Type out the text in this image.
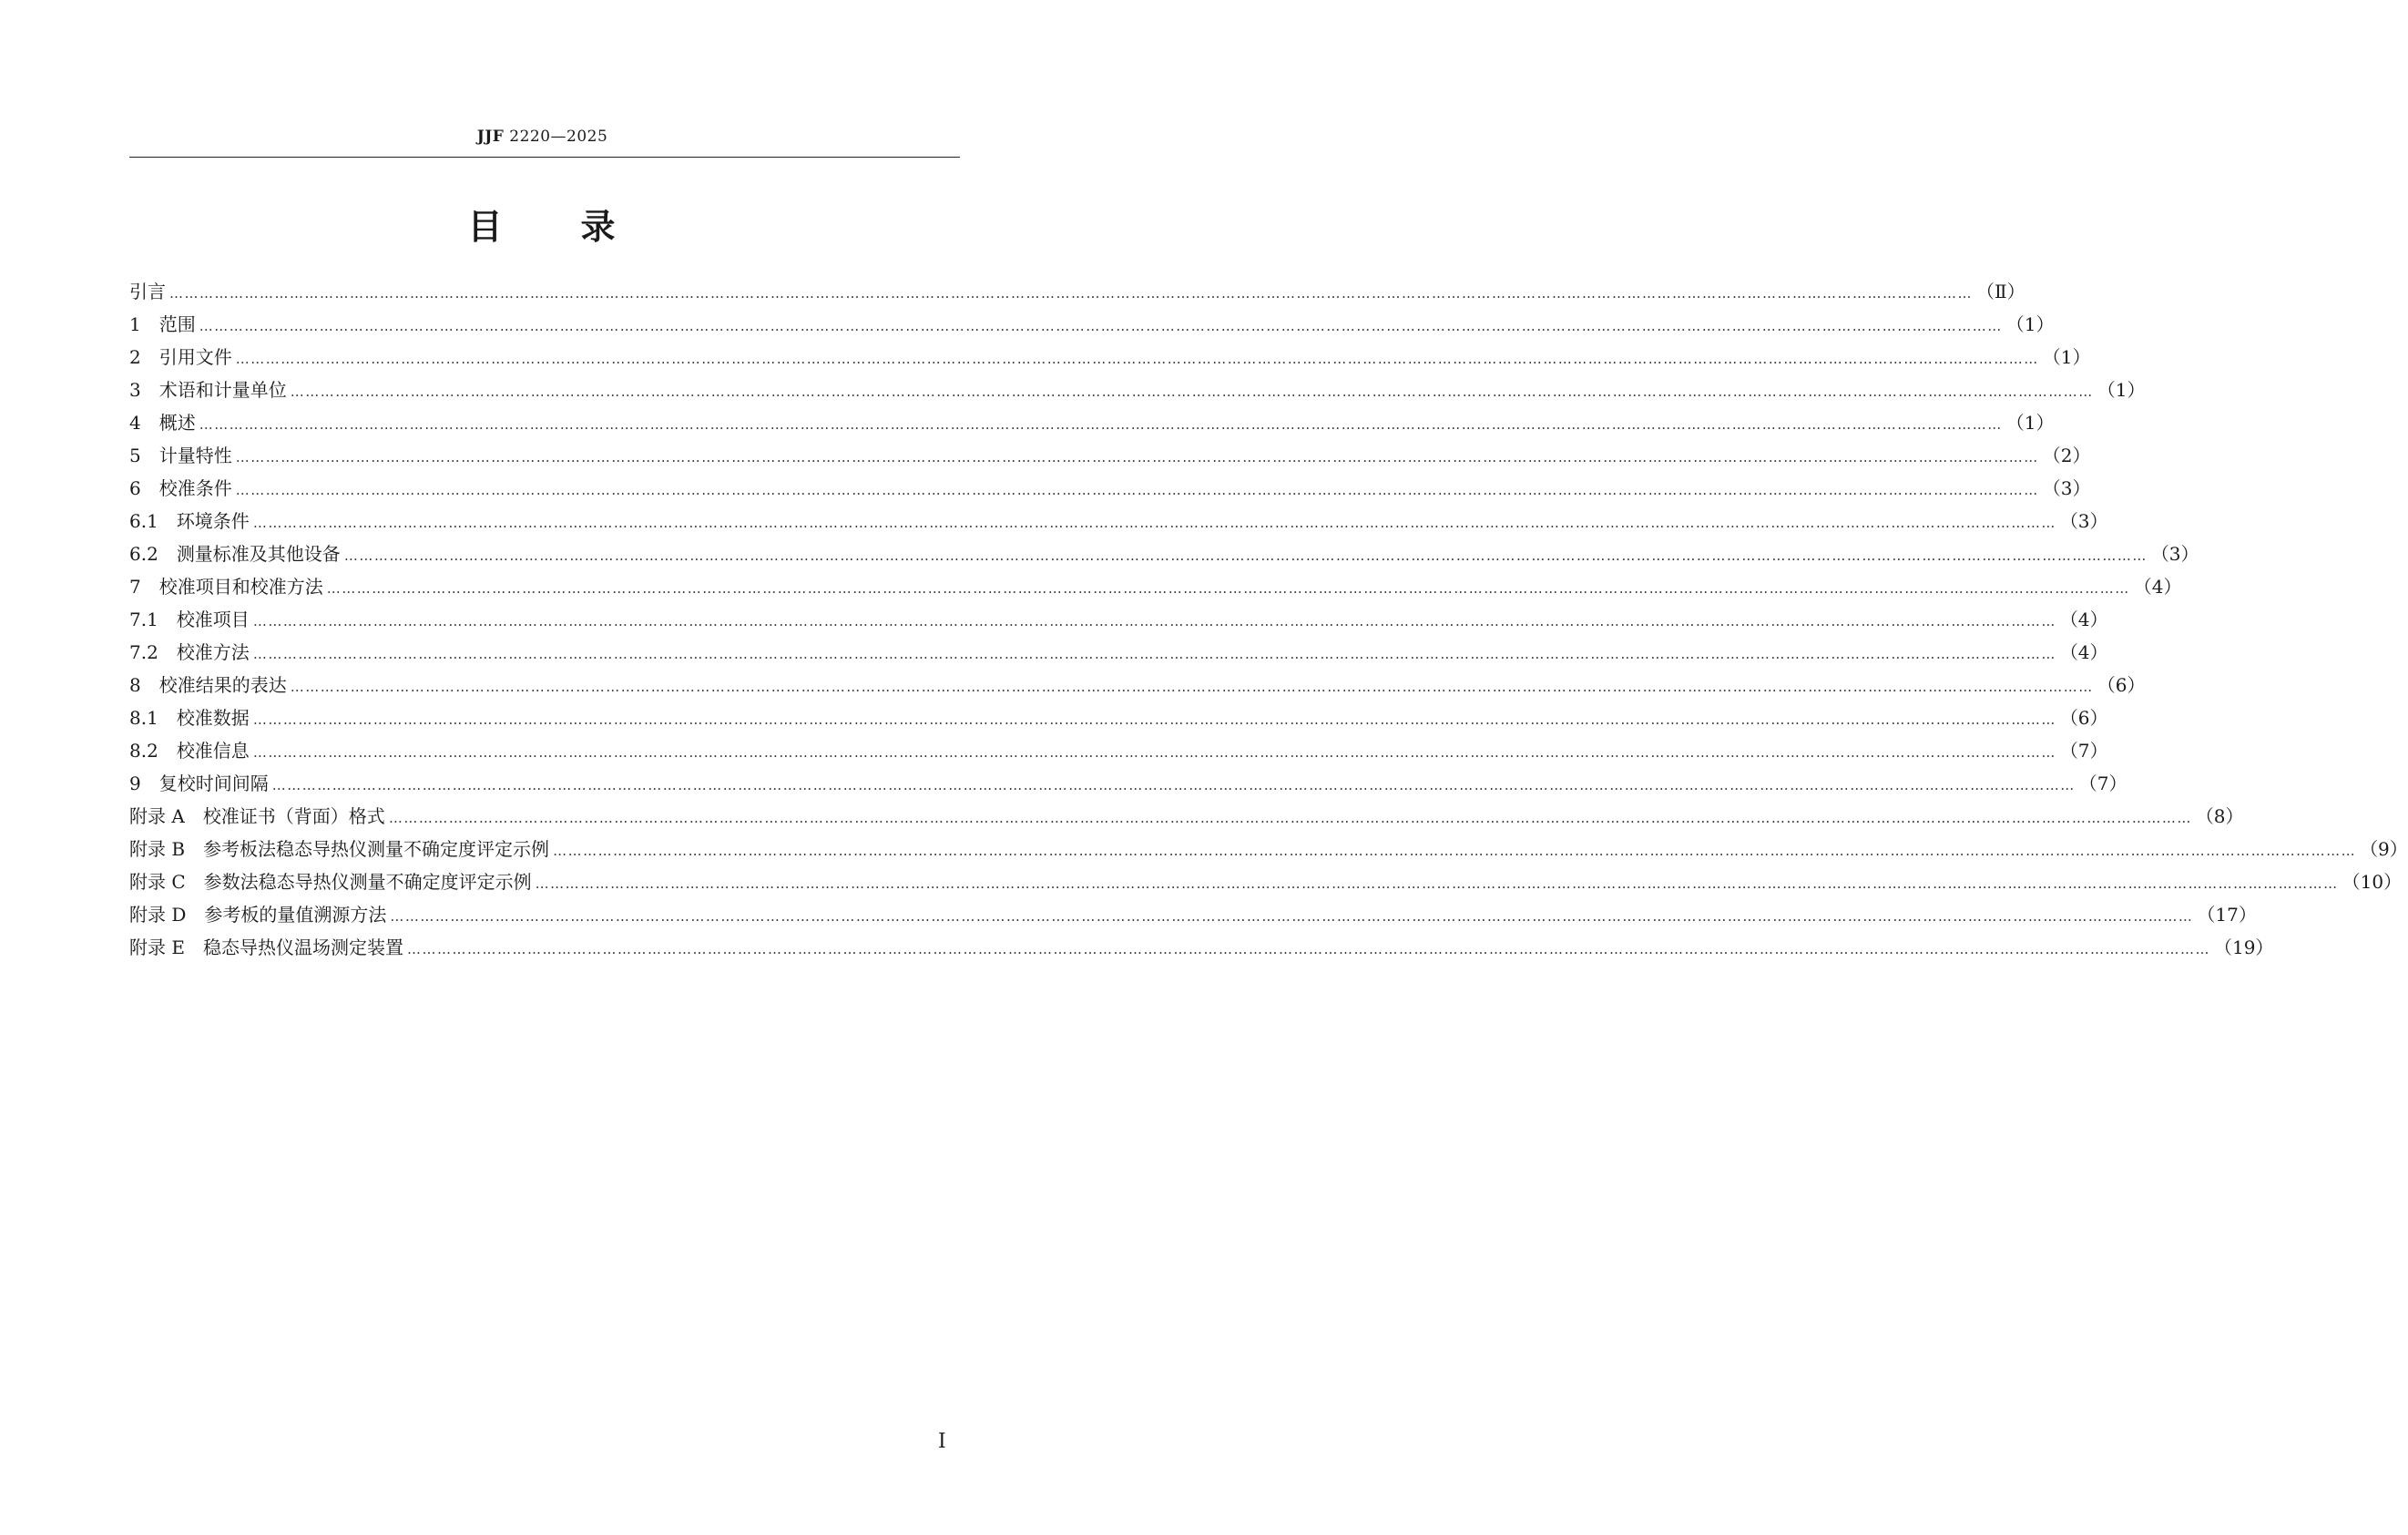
JJF 2220—2025
目 录
引言 ……………………………………………………………………………………………………………………………………………………………………………………………………………………………………………………………………………………………………………………………… （Ⅱ）
1　 范围 ……………………………………………………………………………………………………………………………………………………………………………………………………………………………………………………………………………………………………………………………… （1）
2　 引用文件 ……………………………………………………………………………………………………………………………………………………………………………………………………………………………………………………………………………………………………………………………… （1）
3　 术语和计量单位 ……………………………………………………………………………………………………………………………………………………………………………………………………………………………………………………………………………………………………………………………… （1）
4　 概述 ……………………………………………………………………………………………………………………………………………………………………………………………………………………………………………………………………………………………………………………………… （1）
5　 计量特性 ……………………………………………………………………………………………………………………………………………………………………………………………………………………………………………………………………………………………………………………………… （2）
6　 校准条件 ……………………………………………………………………………………………………………………………………………………………………………………………………………………………………………………………………………………………………………………………… （3）
6.1　 环境条件 ……………………………………………………………………………………………………………………………………………………………………………………………………………………………………………………………………………………………………………………………… （3）
6.2　 测量标准及其他设备 ……………………………………………………………………………………………………………………………………………………………………………………………………………………………………………………………………………………………………………………………… （3）
7　 校准项目和校准方法 ……………………………………………………………………………………………………………………………………………………………………………………………………………………………………………………………………………………………………………………………… （4）
7.1　 校准项目 ……………………………………………………………………………………………………………………………………………………………………………………………………………………………………………………………………………………………………………………………… （4）
7.2　 校准方法 ……………………………………………………………………………………………………………………………………………………………………………………………………………………………………………………………………………………………………………………………… （4）
8　 校准结果的表达 ……………………………………………………………………………………………………………………………………………………………………………………………………………………………………………………………………………………………………………………………… （6）
8.1　 校准数据 ……………………………………………………………………………………………………………………………………………………………………………………………………………………………………………………………………………………………………………………………… （6）
8.2　 校准信息 ……………………………………………………………………………………………………………………………………………………………………………………………………………………………………………………………………………………………………………………………… （7）
9　 复校时间间隔 ……………………………………………………………………………………………………………………………………………………………………………………………………………………………………………………………………………………………………………………………… （7）
附录 A　 校准证书（背面）格式 ……………………………………………………………………………………………………………………………………………………………………………………………………………………………………………………………………………………………………………………………… （8）
附录 B　 参考板法稳态导热仪测量不确定度评定示例 ……………………………………………………………………………………………………………………………………………………………………………………………………………………………………………………………………………………………………………………………… （9）
附录 C　 参数法稳态导热仪测量不确定度评定示例 ……………………………………………………………………………………………………………………………………………………………………………………………………………………………………………………………………………………………………………………………… （10）
附录 D　 参考板的量值溯源方法 ……………………………………………………………………………………………………………………………………………………………………………………………………………………………………………………………………………………………………………………………… （17）
附录 E　 稳态导热仪温场测定装置 ……………………………………………………………………………………………………………………………………………………………………………………………………………………………………………………………………………………………………………………………… （19）
Ⅰ
